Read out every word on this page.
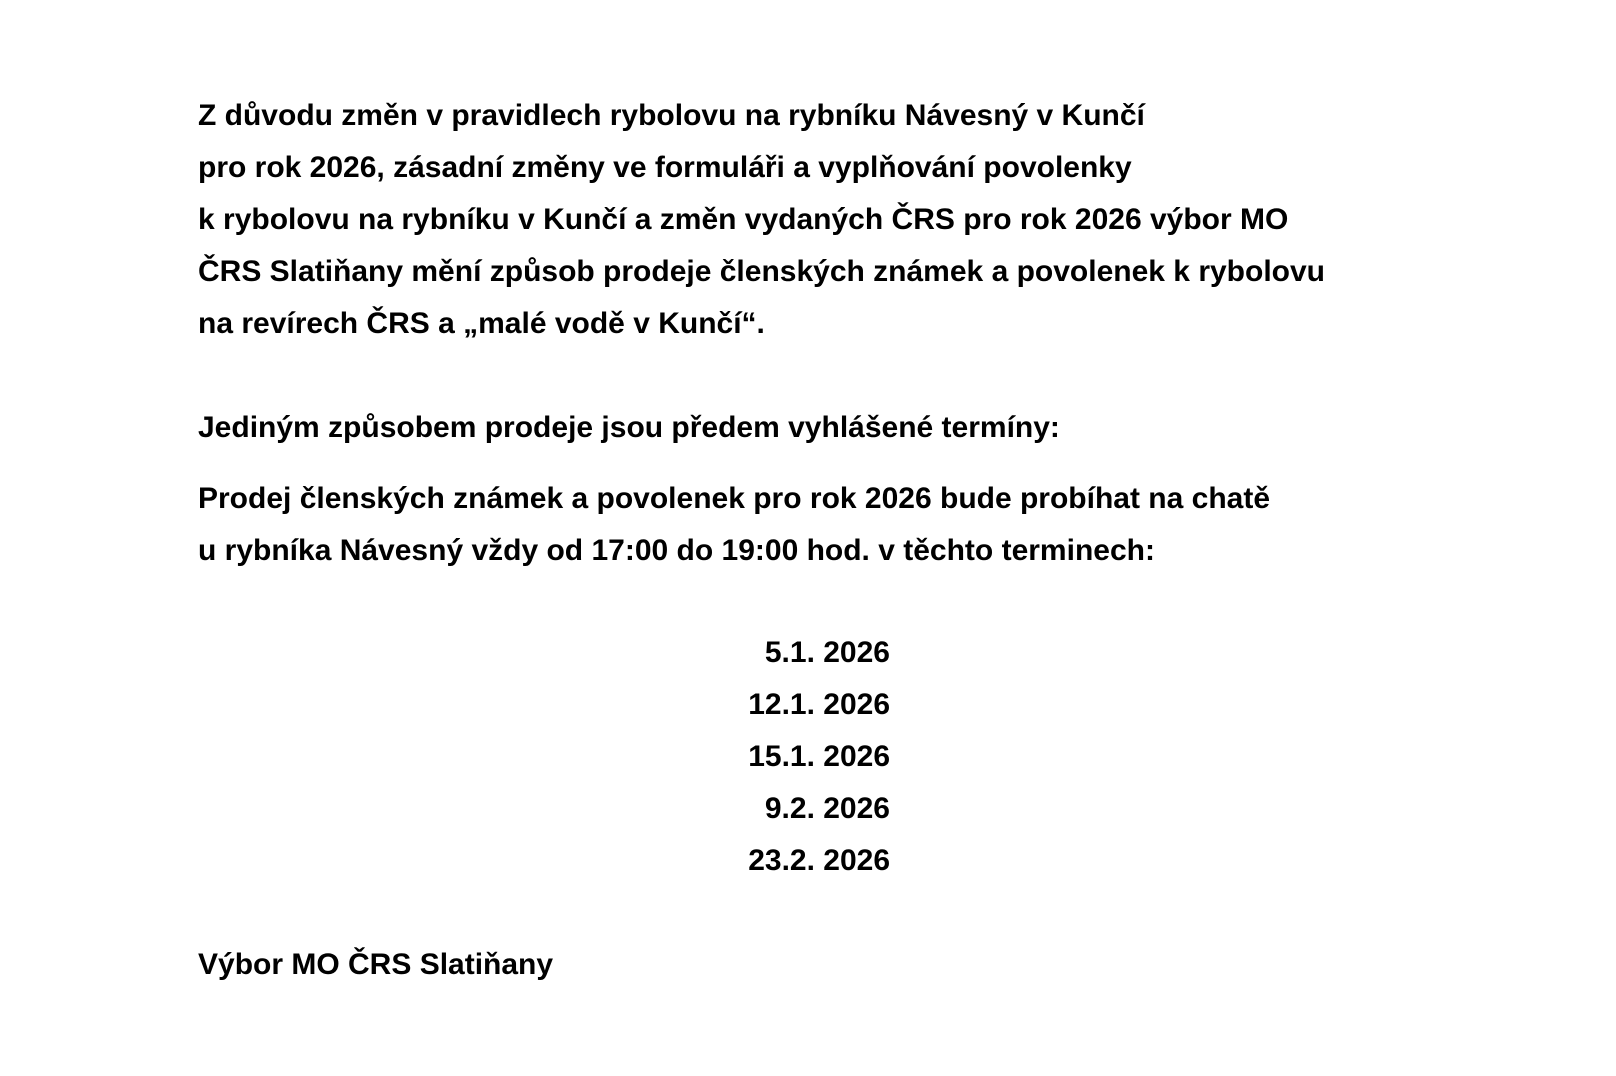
Z důvodu změn v pravidlech rybolovu na rybníku Návesný v Kunčí
pro rok 2026, zásadní změny ve formuláři a vyplňování povolenky
k rybolovu na rybníku v Kunčí a změn vydaných ČRS pro rok 2026 výbor MO
ČRS Slatiňany mění způsob prodeje členských známek a povolenek k rybolovu
na revírech ČRS a „malé vodě v Kunčí“.
Jediným způsobem prodeje jsou předem vyhlášené termíny:
Prodej členských známek a povolenek pro rok 2026 bude probíhat na chatě
u rybníka Návesný vždy od 17:00 do 19:00 hod. v těchto terminech:
5.1. 2026
12.1. 2026
15.1. 2026
9.2. 2026
23.2. 2026
Výbor MO ČRS Slatiňany
